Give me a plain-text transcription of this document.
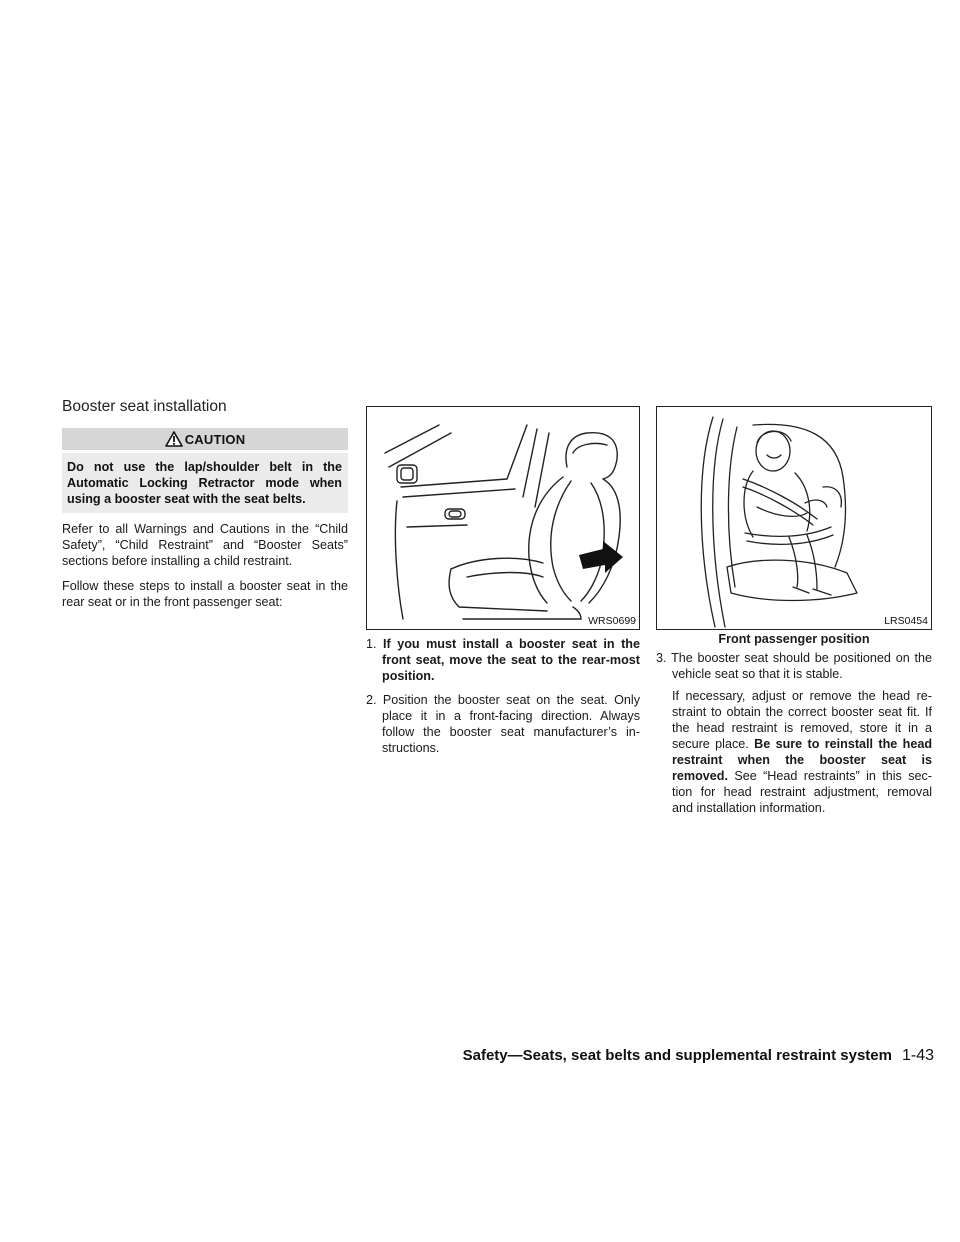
Booster seat installation
CAUTION
Do not use the lap/shoulder belt in the Automatic Locking Retractor mode when using a booster seat with the seat belts.

Refer to all Warnings and Cautions in the “Child Safety”, “Child Restraint” and “Booster Seats” sections before installing a child restraint.

Follow these steps to install a booster seat in the rear seat or in the front passenger seat:

WRS0699
1. If you must install a booster seat in the front seat, move the seat to the rear-most position.
2. Position the booster seat on the seat. Only place it in a front-facing direction. Always follow the booster seat manufacturer’s in-structions.
LRS0454
Front passenger position
3. The booster seat should be positioned on the vehicle seat so that it is stable.

If necessary, adjust or remove the head re-straint to obtain the correct booster seat fit. If the head restraint is removed, store it in a secure place. Be sure to reinstall the head restraint when the booster seat is removed. See “Head restraints” in this sec-tion for head restraint adjustment, removal and installation information.

Safety—Seats, seat belts and supplemental restraint system 1-43
